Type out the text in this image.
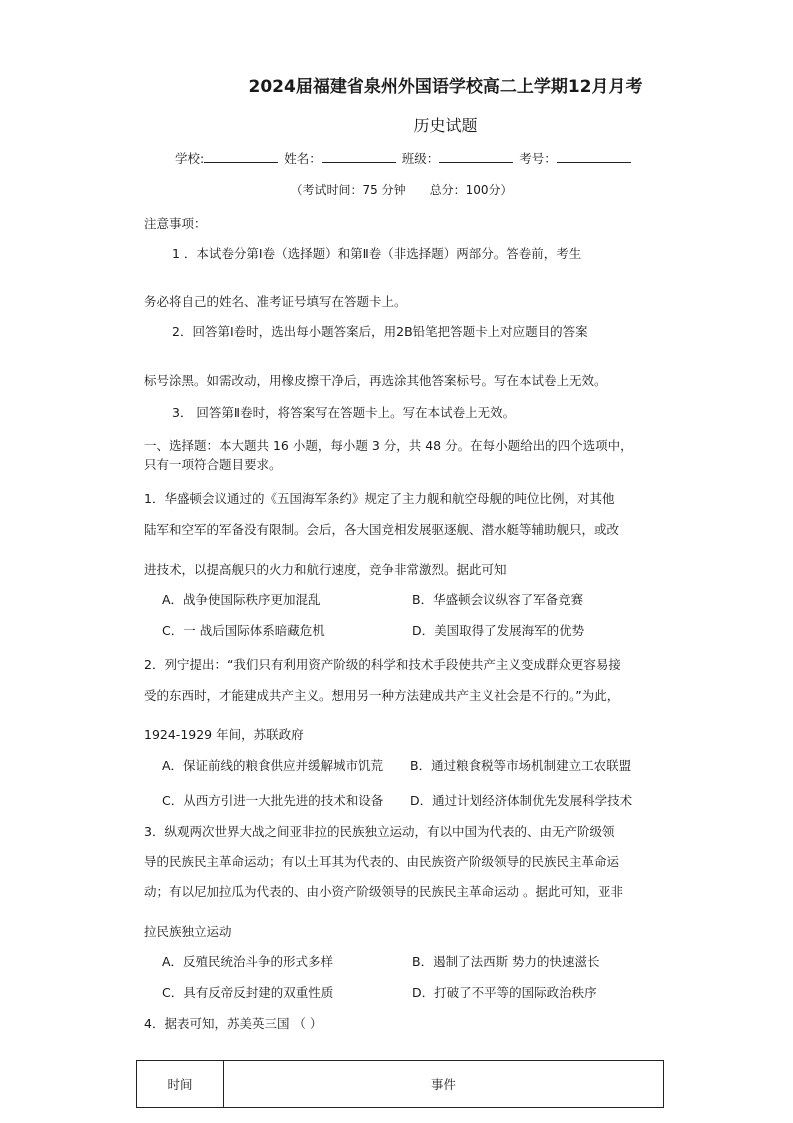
2024届福建省泉州外国语学校高二上学期12月月考
历史试题
学校:	姓名：	班级：	考号：
（考试时间：75 分钟 总分：100分）
注意事项：
1 ．本试卷分第Ⅰ卷（选择题）和第Ⅱ卷（非选择题）两部分。答卷前，考生
务必将自己的姓名、准考证号填写在答题卡上。
2．回答第Ⅰ卷时，选出每小题答案后，用2B铅笔把答题卡上对应题目的答案
标号涂黑。如需改动，用橡皮擦干净后，再选涂其他答案标号。写在本试卷上无效。
3． 回答第Ⅱ卷时，将答案写在答题卡上。写在本试卷上无效。
一、选择题：本大题共 16 小题，每小题 3 分，共 48 分。在每小题给出的四个选项中，
只有一项符合题目要求。
1．华盛顿会议通过的《五国海军条约》规定了主力舰和航空母舰的吨位比例，对其他
陆军和空军的军备没有限制。会后，各大国竞相发展驱逐舰、潜水艇等辅助舰只，或改
进技术，以提高舰只的火力和航行速度，竞争非常激烈。据此可知
A．战争使国际秩序更加混乱	B．华盛顿会议纵容了军备竞赛
C．一 战后国际体系暗藏危机	D．美国取得了发展海军的优势
2．列宁提出：“我们只有利用资产阶级的科学和技术手段使共产主义变成群众更容易接
受的东西时，才能建成共产主义。想用另一种方法建成共产主义社会是不行的。”为此，
1924-1929 年间，苏联政府
A．保证前线的粮食供应并缓解城市饥荒 B．通过粮食税等市场机制建立工农联盟
C．从西方引进一大批先进的技术和设备 D．通过计划经济体制优先发展科学技术
3．纵观两次世界大战之间亚非拉的民族独立运动，有以中国为代表的、由无产阶级领
导的民族民主革命运动；有以土耳其为代表的、由民族资产阶级领导的民族民主革命运
动；有以尼加拉瓜为代表的、由小资产阶级领导的民族民主革命运动 。据此可知，亚非
拉民族独立运动
A．反殖民统治斗争的形式多样	B．遏制了法西斯 势力的快速滋长
C．具有反帝反封建的双重性质	D．打破了不平等的国际政治秩序
4．据表可知，苏美英三国 （ ）
时间	事件
